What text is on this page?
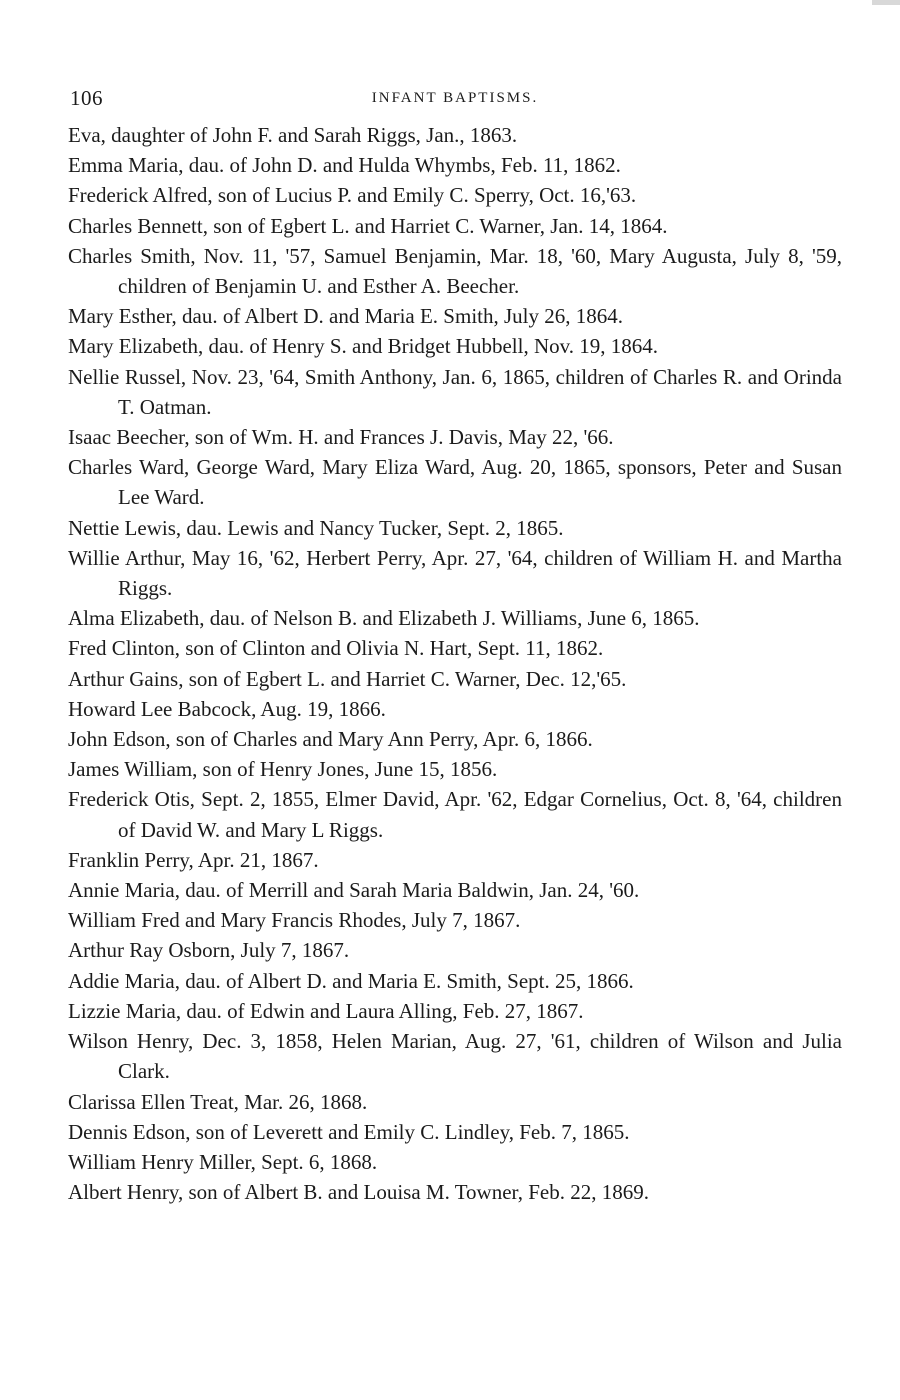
106	INFANT BAPTISMS.
Eva, daughter of John F. and Sarah Riggs, Jan., 1863.
Emma Maria, dau. of John D. and Hulda Whymbs, Feb. 11, 1862.
Frederick Alfred, son of Lucius P. and Emily C. Sperry, Oct. 16,'63.
Charles Bennett, son of Egbert L. and Harriet C. Warner, Jan. 14, 1864.
Charles Smith, Nov. 11, '57, Samuel Benjamin, Mar. 18, '60, Mary Augusta, July 8, '59, children of Benjamin U. and Esther A. Beecher.
Mary Esther, dau. of Albert D. and Maria E. Smith, July 26, 1864.
Mary Elizabeth, dau. of Henry S. and Bridget Hubbell, Nov. 19, 1864.
Nellie Russel, Nov. 23, '64, Smith Anthony, Jan. 6, 1865, children of Charles R. and Orinda T. Oatman.
Isaac Beecher, son of Wm. H. and Frances J. Davis, May 22, '66.
Charles Ward, George Ward, Mary Eliza Ward, Aug. 20, 1865, sponsors, Peter and Susan Lee Ward.
Nettie Lewis, dau. Lewis and Nancy Tucker, Sept. 2, 1865.
Willie Arthur, May 16, '62, Herbert Perry, Apr. 27, '64, children of William H. and Martha Riggs.
Alma Elizabeth, dau. of Nelson B. and Elizabeth J. Williams, June 6, 1865.
Fred Clinton, son of Clinton and Olivia N. Hart, Sept. 11, 1862.
Arthur Gains, son of Egbert L. and Harriet C. Warner, Dec. 12,'65.
Howard Lee Babcock, Aug. 19, 1866.
John Edson, son of Charles and Mary Ann Perry, Apr. 6, 1866.
James William, son of Henry Jones, June 15, 1856.
Frederick Otis, Sept. 2, 1855, Elmer David, Apr. '62, Edgar Cornelius, Oct. 8, '64, children of David W. and Mary L Riggs.
Franklin Perry, Apr. 21, 1867.
Annie Maria, dau. of Merrill and Sarah Maria Baldwin, Jan. 24, '60.
William Fred and Mary Francis Rhodes, July 7, 1867.
Arthur Ray Osborn, July 7, 1867.
Addie Maria, dau. of Albert D. and Maria E. Smith, Sept. 25, 1866.
Lizzie Maria, dau. of Edwin and Laura Alling, Feb. 27, 1867.
Wilson Henry, Dec. 3, 1858, Helen Marian, Aug. 27, '61, children of Wilson and Julia Clark.
Clarissa Ellen Treat, Mar. 26, 1868.
Dennis Edson, son of Leverett and Emily C. Lindley, Feb. 7, 1865.
William Henry Miller, Sept. 6, 1868.
Albert Henry, son of Albert B. and Louisa M. Towner, Feb. 22, 1869.
